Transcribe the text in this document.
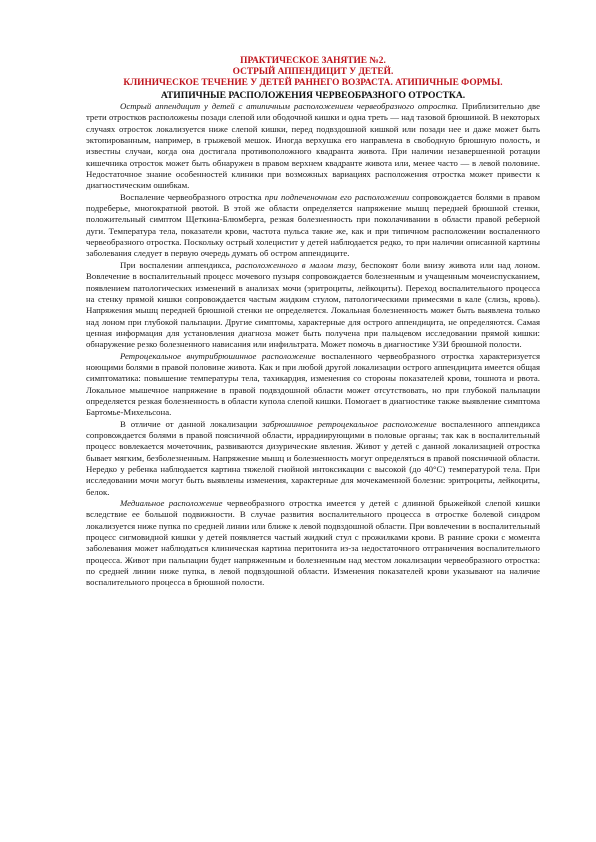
ПРАКТИЧЕСКОЕ ЗАНЯТИЕ №2.
ОСТРЫЙ АППЕНДИЦИТ У ДЕТЕЙ.
КЛИНИЧЕСКОЕ ТЕЧЕНИЕ У ДЕТЕЙ РАННЕГО ВОЗРАСТА. АТИПИЧНЫЕ ФОРМЫ.
АТИПИЧНЫЕ РАСПОЛОЖЕНИЯ ЧЕРВЕОБРАЗНОГО ОТРОСТКА.

Острый аппендицит у детей с атипичным расположением червеобразного отростка. Приблизительно две трети отростков расположены позади слепой или ободочной кишки и одна треть — над тазовой брюшиной. В некоторых случаях отросток локализуется ниже слепой кишки, перед подвздошной кишкой или позади нее и даже может быть эктопированным, например, в грыжевой мешок. Иногда верхушка его направлена в свободную брюшную полость, и известны случаи, когда она достигала противоположного квадранта живота. При наличии незавершенной ротации кишечника отросток может быть обнаружен в правом верхнем квадранте живота или, менее часто — в левой половине. Недостаточное знание особенностей клиники при возможных вариациях расположения отростка может привести к диагностическим ошибкам.

Воспаление червеобразного отростка при подпеченочном его расположении сопровождается болями в правом подреберье, многократной рвотой. В этой же области определяется напряжение мышц передней брюшной стенки, положительный симптом Щеткина-Блюмберга, резкая болезненность при поколачивании в области правой реберной дуги. Температура тела, показатели крови, частота пульса такие же, как и при типичном расположении воспаленного червеобразного отростка. Поскольку острый холецистит у детей наблюдается редко, то при наличии описанной картины заболевания следует в первую очередь думать об остром аппендиците.

При воспалении аппендикса, расположенного в малом тазу, беспокоят боли внизу живота или над лоном. Вовлечение в воспалительный процесс мочевого пузыря сопровождается болезненным и учащенным мочеиспусканием, появлением патологических изменений в анализах мочи (эритроциты, лейкоциты). Переход воспалительного процесса на стенку прямой кишки сопровождается частым жидким стулом, патологическими примесями в кале (слизь, кровь). Напряжения мышц передней брюшной стенки не определяется. Локальная болезненность может быть выявлена только над лоном при глубокой пальпации. Другие симптомы, характерные для острого аппендицита, не определяются. Самая ценная информация для установления диагноза может быть получена при пальцевом исследовании прямой кишки: обнаружение резко болезненного нависания или инфильтрата. Может помочь в диагностике УЗИ брюшной полости.

Ретроцекальное внутрибрюшинное расположение воспаленного червеобразного отростка характеризуется ноющими болями в правой половине живота. Как и при любой другой локализации острого аппендицита имеется общая симптоматика: повышение температуры тела, тахикардия, изменения со стороны показателей крови, тошнота и рвота. Локальное мышечное напряжение в правой подвздошной области может отсутствовать, но при глубокой пальпации определяется резкая болезненность в области купола слепой кишки. Помогает в диагностике также выявление симптома Бартомье-Михельсона.

В отличие от данной локализации забрюшинное ретроцекальное расположение воспаленного аппендикса сопровождается болями в правой поясничной области, иррадиирующими в половые органы; так как в воспалительный процесс вовлекается мочеточник, развиваются дизурические явления. Живот у детей с данной локализацией отростка бывает мягким, безболезненным. Напряжение мышц и болезненность могут определяться в правой поясничной области. Нередко у ребенка наблюдается картина тяжелой гнойной интоксикации с высокой (до 40°С) температурой тела. При исследовании мочи могут быть выявлены изменения, характерные для мочекаменной болезни: эритроциты, лейкоциты, белок.

Медиальное расположение червеобразного отростка имеется у детей с длинной брыжейкой слепой кишки вследствие ее большой подвижности. В случае развития воспалительного процесса в отростке болевой синдром локализуется ниже пупка по средней линии или ближе к левой подвздошной области. При вовлечении в воспалительный процесс сигмовидной кишки у детей появляется частый жидкий стул с прожилками крови. В ранние сроки с момента заболевания может наблюдаться клиническая картина перитонита из-за недостаточного отграничения воспалительного процесса. Живот при пальпации будет напряженным и болезненным над местом локализации червеобразного отростка: по средней линии ниже пупка, в левой подвздошной области. Изменения показателей крови указывают на наличие воспалительного процесса в брюшной полости.
